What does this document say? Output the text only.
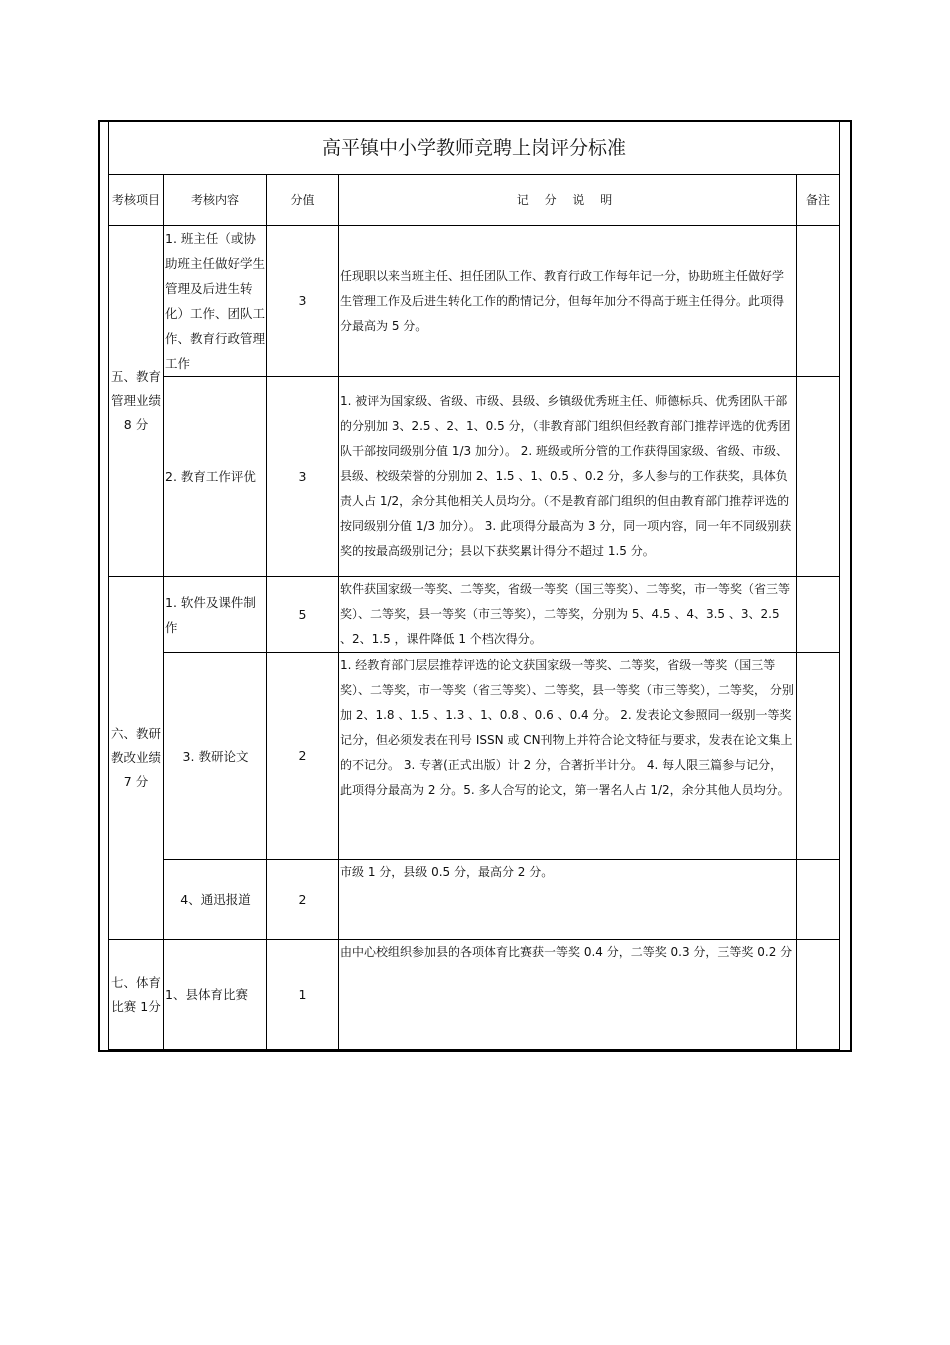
高平镇中小学教师竞聘上岗评分标准				
考核项目	考核内容	分值	记 分 说 明	备注
五、教育管理业绩 8 分	1. 班主任（或协助班主任做好学生管理及后进生转化）工作、团队工作、教育行政管理工作	3	任现职以来当班主任、担任团队工作、教育行政工作每年记一分，协助班主任做好学生管理工作及后进生转化工作的酌情记分，但每年加分不得高于班主任得分。此项得分最高为 5 分。	
	2. 教育工作评优	3	1. 被评为国家级、省级、市级、县级、乡镇级优秀班主任、师德标兵、优秀团队干部的分别加 3、2.5 、2、1、0.5 分，（非教育部门组织但经教育部门推荐评选的优秀团队干部按同级别分值 1/3 加分）。 2. 班级或所分管的工作获得国家级、省级、市级、县级、校级荣誉的分别加 2、1.5 、1、0.5 、0.2 分，多人参与的工作获奖，具体负责人占 1/2，余分其他相关人员均分。（不是教育部门组织的但由教育部门推荐评选的按同级别分值 1/3 加分）。 3. 此项得分最高为 3 分，同一项内容，同一年不同级别获奖的按最高级别记分；县以下获奖累计得分不超过 1.5 分。	
六、教研教改业绩 7 分	1. 软件及课件制作	5	软件获国家级一等奖、二等奖，省级一等奖（国三等奖）、二等奖，市一等奖（省三等奖）、二等奖，县一等奖（市三等奖），二等奖，分别为 5、4.5 、4、3.5 、3、2.5 、2、1.5 ，课件降低 1 个档次得分。	
	3. 教研论文	2	1. 经教育部门层层推荐评选的论文获国家级一等奖、二等奖，省级一等奖（国三等奖）、二等奖，市一等奖（省三等奖）、二等奖，县一等奖（市三等奖），二等奖， 分别加 2、1.8 、1.5 、1.3 、1、0.8 、0.6 、0.4 分。 2. 发表论文参照同一级别一等奖记分，但必须发表在刊号 ISSN 或 CN刊物上并符合论文特征与要求，发表在论文集上的不记分。 3. 专著(正式出版）计 2 分，合著折半计分。 4. 每人限三篇参与记分， 此项得分最高为 2 分。5. 多人合写的论文，第一署名人占 1/2，余分其他人员均分。	
	4、通迅报道	2	市级 1 分，县级 0.5 分，最高分 2 分。	
七、体育比赛 1分	1、县体育比赛	1	由中心校组织参加县的各项体育比赛获一等奖 0.4 分，二等奖 0.3 分，三等奖 0.2 分	
